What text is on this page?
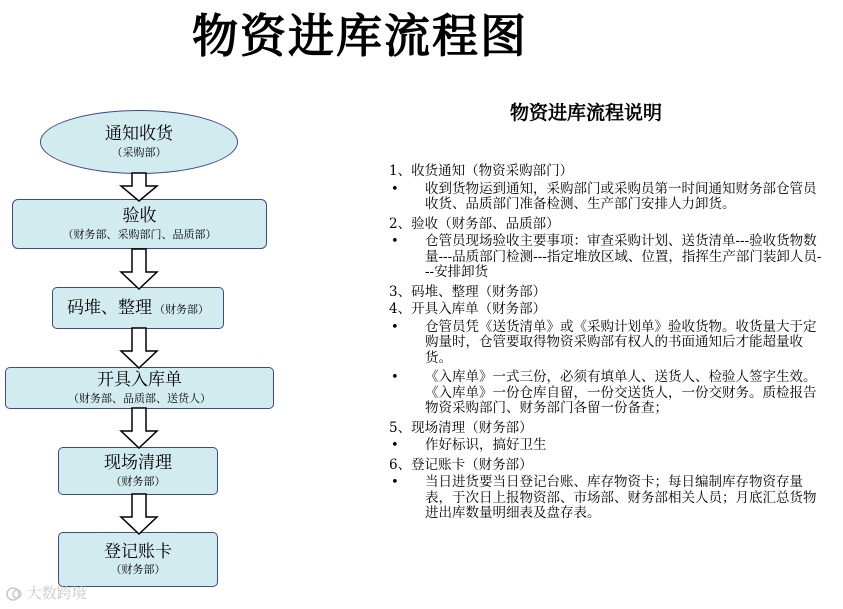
物资进库流程图
通知收货
（采购部）
验收
（财务部、采购部门、品质部）
码堆、整理 （财务部）
开具入库单
（财务部、品质部、送货人）
现场清理
（财务部）
登记账卡
（财务部）
物资进库流程说明
1、收货通知（物资采购部门）
• 收到货物运到通知，采购部门或采购员第一时间通知财务部仓管员收货、品质部门准备检测、生产部门安排人力卸货。
2、验收（财务部、品质部）
• 仓管员现场验收主要事项：审查采购计划、送货清单---验收货物数量---品质部门检测---指定堆放区域、位置，指挥生产部门装卸人员---安排卸货
3、码堆、整理（财务部）
4、开具入库单（财务部）
• 仓管员凭《送货清单》或《采购计划单》验收货物。收货量大于定购量时，仓管要取得物资采购部有权人的书面通知后才能超量收货。
• 《入库单》一式三份，必须有填单人、送货人、检验人签字生效。《入库单》一份仓库自留，一份交送货人，一份交财务。质检报告物资采购部门、财务部门各留一份备查；
5、现场清理（财务部）
• 作好标识，搞好卫生
6、登记账卡（财务部）
• 当日进货要当日登记台账、库存物资卡；每日编制库存物资存量表，于次日上报物资部、市场部、财务部相关人员；月底汇总货物进出库数量明细表及盘存表。
大数跨境
